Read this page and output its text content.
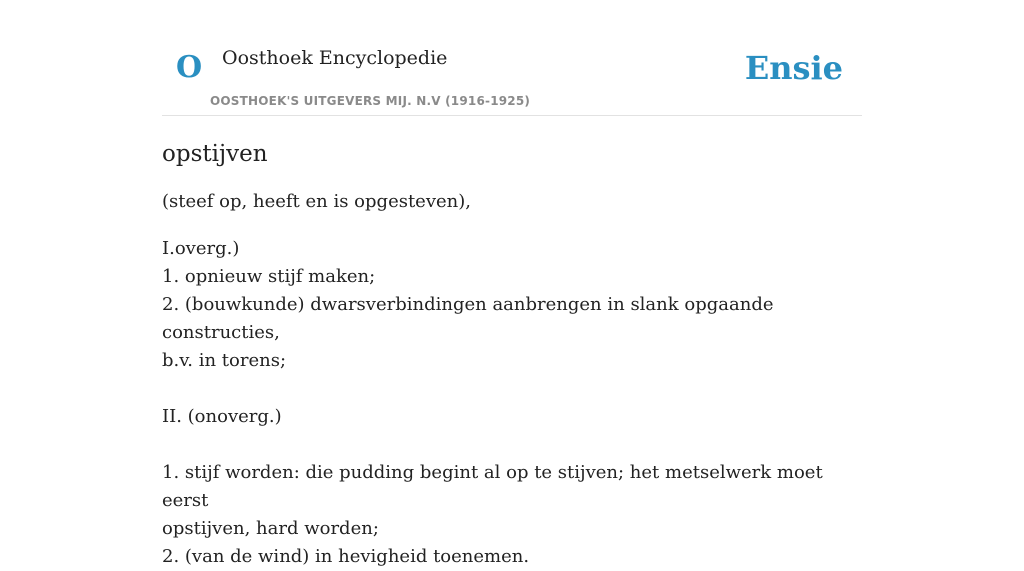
O Oosthoek Encyclopedie
OOSTHOEK'S UITGEVERS MIJ. N.V (1916-1925)
Ensie
opstijven

(steef op, heeft en is opgesteven),

I.overg.)
1. opnieuw stijf maken;
2. (bouwkunde) dwarsverbindingen aanbrengen in slank opgaande constructies,
b.v. in torens;
II. (onoverg.)
1. stijf worden: die pudding begint al op te stijven; het metselwerk moet eerst
opstijven, hard worden;
2. (van de wind) in hevigheid toenemen.
